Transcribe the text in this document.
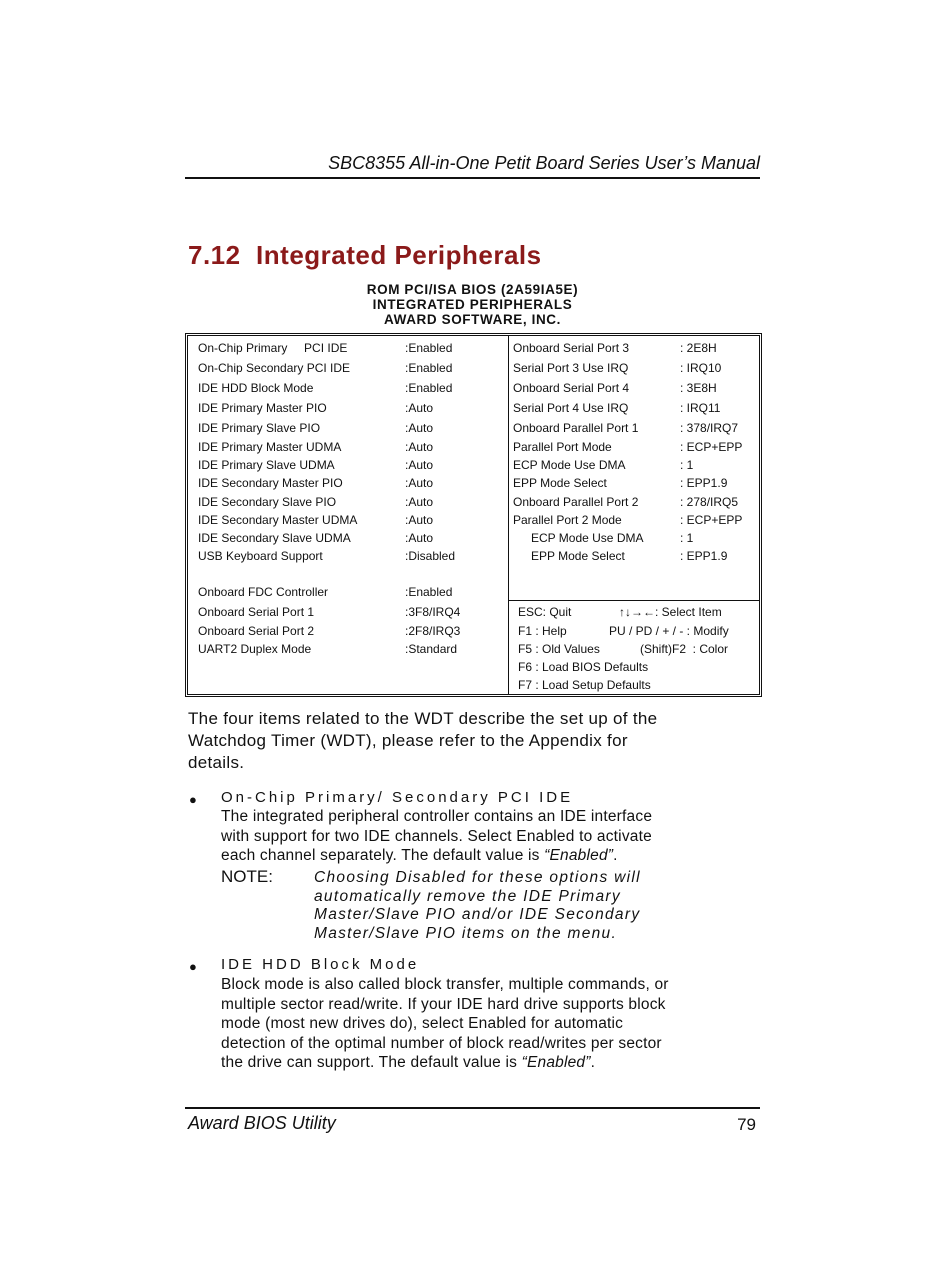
SBC8355 All-in-One Petit Board Series User’s Manual
7.12  Integrated Peripherals
ROM PCI/ISA BIOS (2A59IA5E)
INTEGRATED PERIPHERALS
AWARD SOFTWARE, INC.
On-Chip Primary     PCI IDE	:Enabled
On-Chip Secondary PCI IDE	:Enabled
IDE HDD Block Mode	:Enabled
IDE Primary Master PIO	:Auto
IDE Primary Slave PIO	:Auto
IDE Primary Master UDMA	:Auto
IDE Primary Slave UDMA	:Auto
IDE Secondary Master PIO	:Auto
IDE Secondary Slave PIO	:Auto
IDE Secondary Master UDMA	:Auto
IDE Secondary Slave UDMA	:Auto
USB Keyboard Support	:Disabled
Onboard FDC Controller	:Enabled
Onboard Serial Port 1	:3F8/IRQ4
Onboard Serial Port 2	:2F8/IRQ3
UART2 Duplex Mode	:Standard
Onboard Serial Port 3	: 2E8H
Serial Port 3 Use IRQ	: IRQ10
Onboard Serial Port 4	: 3E8H
Serial Port 4 Use IRQ	: IRQ11
Onboard Parallel Port 1	: 378/IRQ7
Parallel Port Mode	: ECP+EPP
ECP Mode Use DMA	: 1
EPP Mode Select	: EPP1.9
Onboard Parallel Port 2	: 278/IRQ5
Parallel Port 2 Mode	: ECP+EPP
ECP Mode Use DMA	: 1
EPP Mode Select	: EPP1.9
ESC: Quit	↑↓→←: Select Item
F1 : Help	PU / PD / + / - : Modify
F5 : Old Values	(Shift)F2  : Color
F6 : Load BIOS Defaults
F7 : Load Setup Defaults
The four items related to the WDT describe the set up of the
Watchdog Timer (WDT), please refer to the Appendix for
details.
● On-Chip Primary/ Secondary PCI IDE
The integrated peripheral controller contains an IDE interface
with support for two IDE channels. Select Enabled to activate
each channel separately. The default value is “Enabled”.
NOTE:	Choosing Disabled for these options will
automatically remove the IDE Primary
Master/Slave PIO and/or IDE Secondary
Master/Slave PIO items on the menu.
● IDE HDD Block Mode
Block mode is also called block transfer, multiple commands, or
multiple sector read/write. If your IDE hard drive supports block
mode (most new drives do), select Enabled for automatic
detection of the optimal number of block read/writes per sector
the drive can support. The default value is “Enabled”.
Award BIOS Utility	79
